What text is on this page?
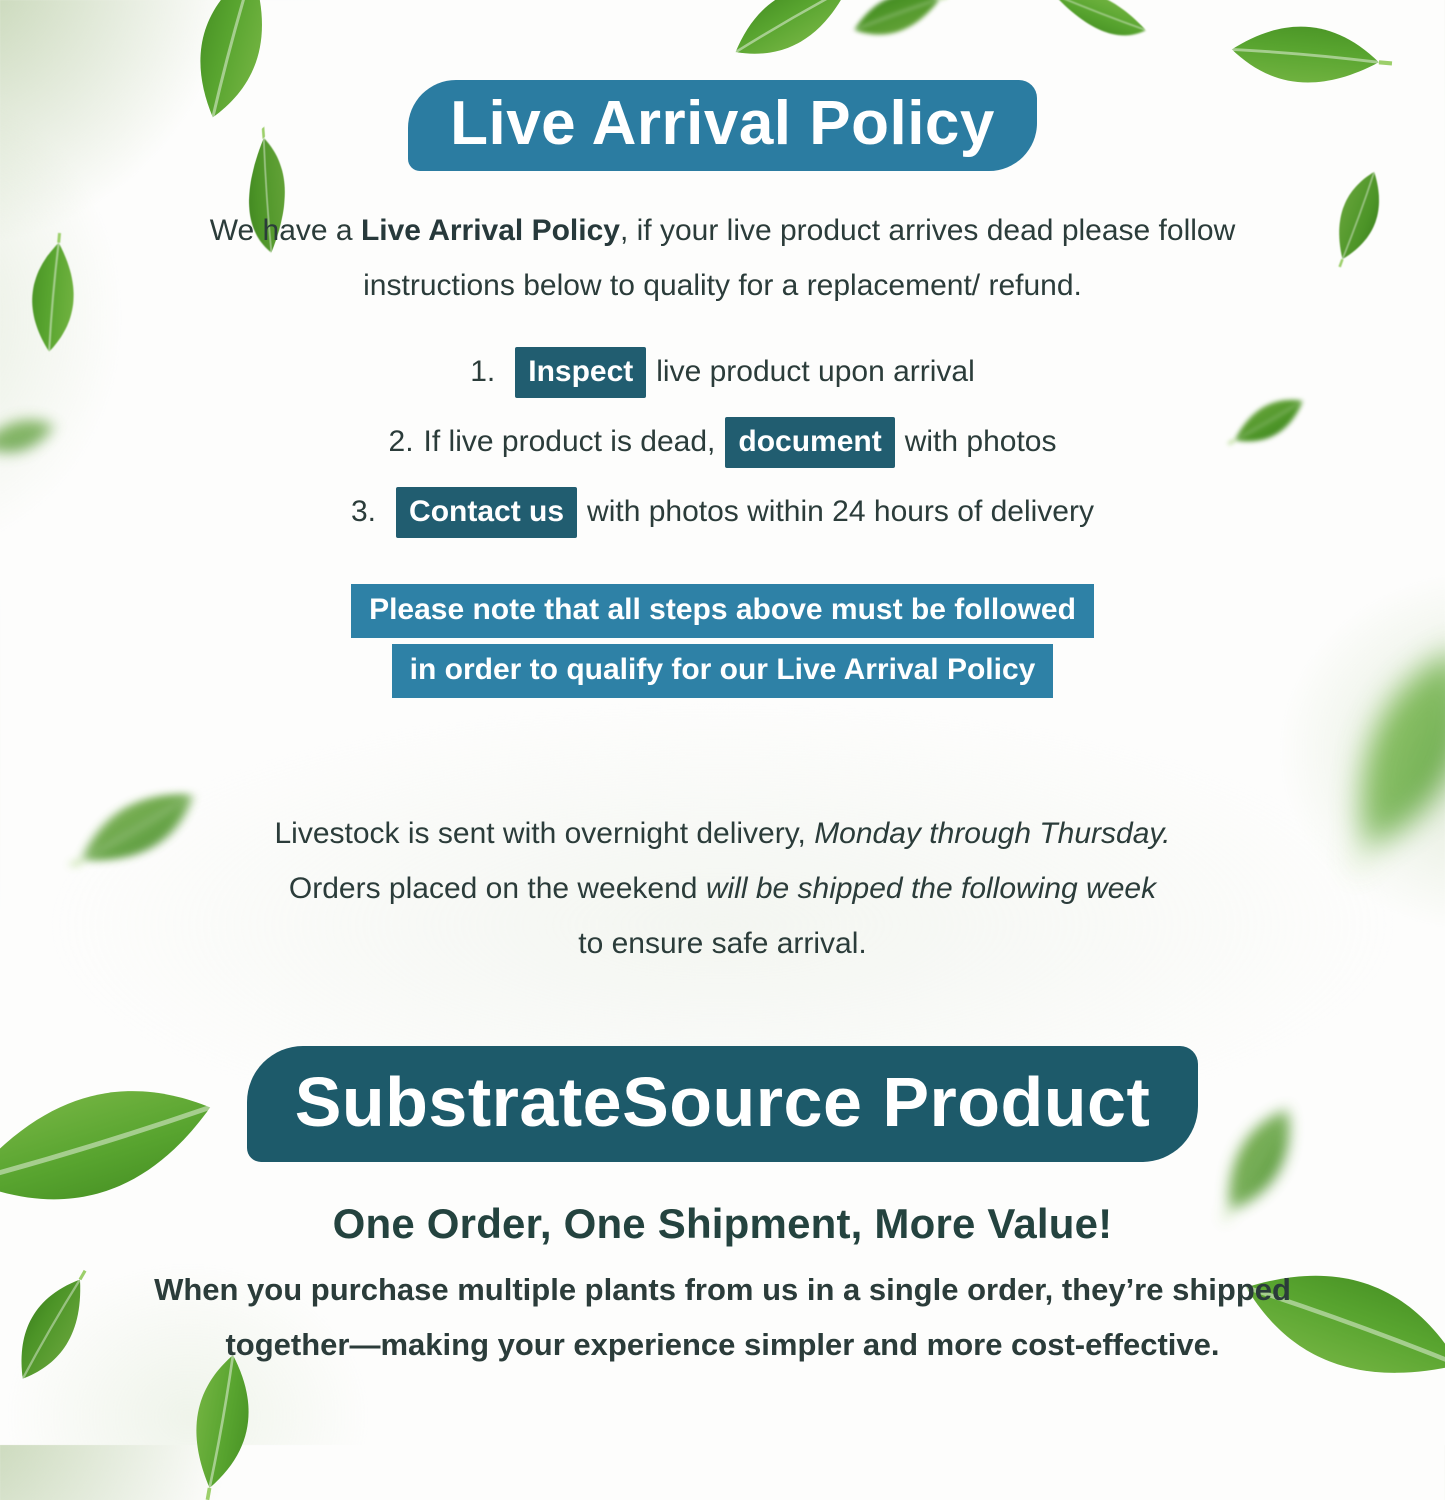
Live Arrival Policy
We have a Live Arrival Policy, if your live product arrives dead please follow
instructions below to quality for a replacement/ refund.
1. Inspect live product upon arrival
2. If live product is dead, document with photos
3. Contact us with photos within 24 hours of delivery
Please note that all steps above must be followed
in order to qualify for our Live Arrival Policy
Livestock is sent with overnight delivery, Monday through Thursday.
Orders placed on the weekend will be shipped the following week
to ensure safe arrival.
SubstrateSource Product
One Order, One Shipment, More Value!
When you purchase multiple plants from us in a single order, they’re shipped
together—making your experience simpler and more cost-effective.
